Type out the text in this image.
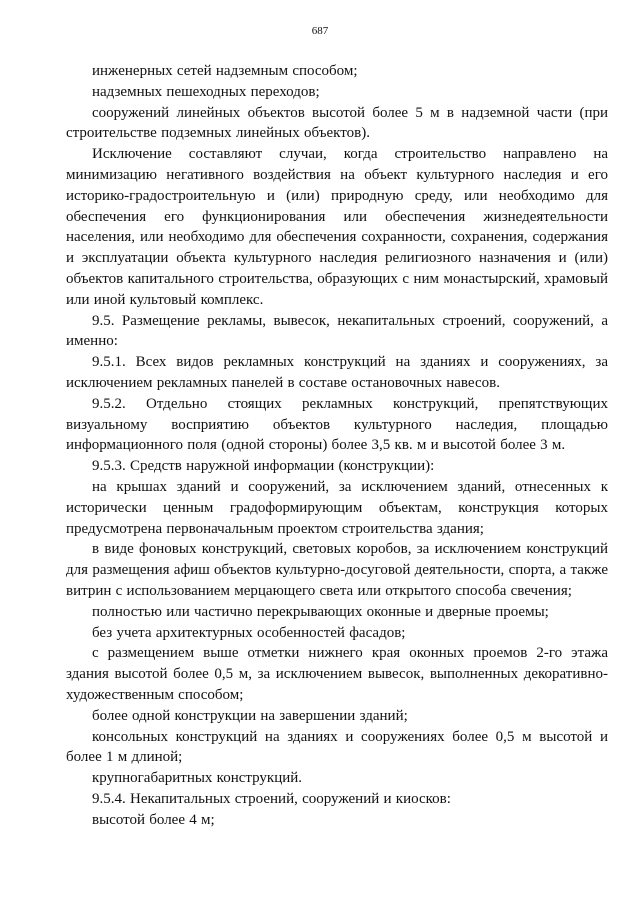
687

инженерных сетей надземным способом;

надземных пешеходных переходов;

сооружений линейных объектов высотой более 5 м в надземной части (при строительстве подземных линейных объектов).

Исключение составляют случаи, когда строительство направлено на минимизацию негативного воздействия на объект культурного наследия и его историко-градостроительную и (или) природную среду, или необходимо для обеспечения его функционирования или обеспечения жизнедеятельности населения, или необходимо для обеспечения сохранности, сохранения, содержания и эксплуатации объекта культурного наследия религиозного назначения и (или) объектов капитального строительства, образующих с ним монастырский, храмовый или иной культовый комплекс.

9.5. Размещение рекламы, вывесок, некапитальных строений, сооружений, а именно:

9.5.1. Всех видов рекламных конструкций на зданиях и сооружениях, за исключением рекламных панелей в составе остановочных навесов.

9.5.2. Отдельно стоящих рекламных конструкций, препятствующих визуальному восприятию объектов культурного наследия, площадью информационного поля (одной стороны) более 3,5 кв. м и высотой более 3 м.

9.5.3. Средств наружной информации (конструкции):

на крышах зданий и сооружений, за исключением зданий, отнесенных к исторически ценным градоформирующим объектам, конструкция которых предусмотрена первоначальным проектом строительства здания;

в виде фоновых конструкций, световых коробов, за исключением конструкций для размещения афиш объектов культурно-досуговой деятельности, спорта, а также витрин с использованием мерцающего света или открытого способа свечения;

полностью или частично перекрывающих оконные и дверные проемы;

без учета архитектурных особенностей фасадов;

с размещением выше отметки нижнего края оконных проемов 2-го этажа здания высотой более 0,5 м, за исключением вывесок, выполненных декоративно-художественным способом;

более одной конструкции на завершении зданий;

консольных конструкций на зданиях и сооружениях более 0,5 м высотой и более 1 м длиной;

крупногабаритных конструкций.

9.5.4. Некапитальных строений, сооружений и киосков:

высотой более 4 м;
